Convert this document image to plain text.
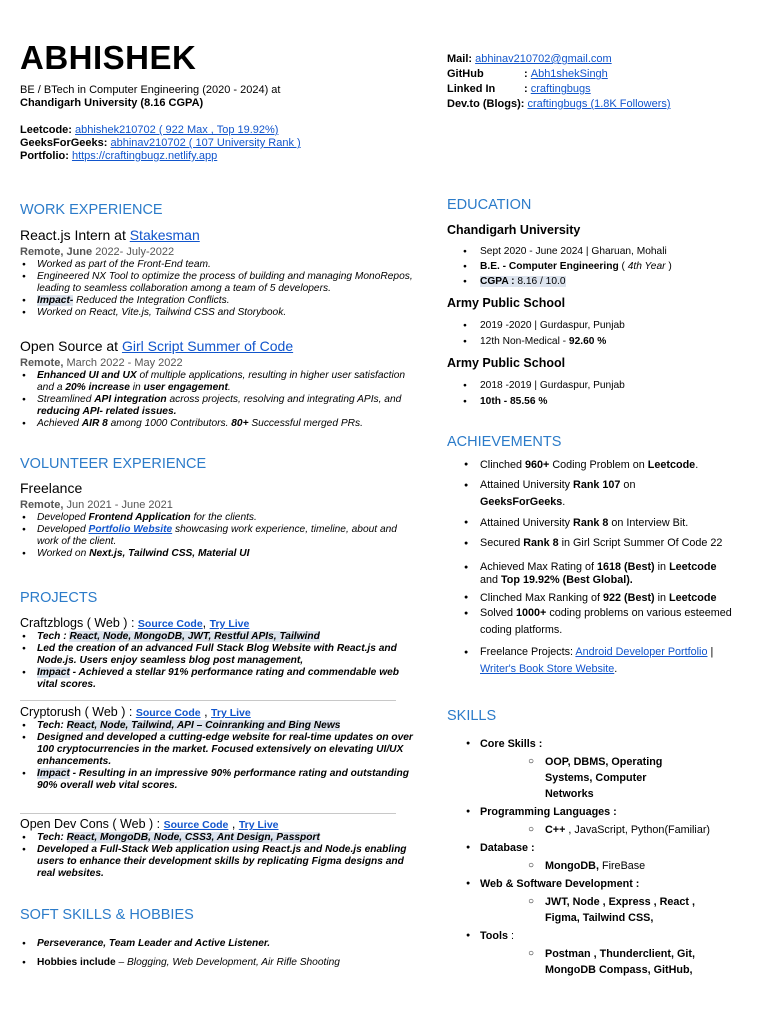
ABHISHEK
BE / BTech in Computer Engineering (2020 - 2024) at
Chandigarh University (8.16 CGPA)
Leetcode: abhishek210702 ( 922 Max , Top 19.92%)
GeeksForGeeks: abhinav210702 ( 107 University Rank )
Portfolio: https://craftingbugz.netlify.app
Mail: abhinav210702@gmail.com
GitHub	: Abh1shekSingh
Linked In	: craftingbugs
Dev.to (Blogs): craftingbugs (1.8K Followers)
WORK EXPERIENCE
React.js Intern at Stakesman
Remote, June 2022- July-2022
● Worked as part of the Front-End team.
● Engineered NX Tool to optimize the process of building and managing MonoRepos, leading to seamless collaboration among a team of 5 developers.
● Impact- Reduced the Integration Conflicts.
● Worked on React, Vite.js, Tailwind CSS and Storybook.
Open Source at Girl Script Summer of Code
Remote, March 2022 - May 2022
● Enhanced UI and UX of multiple applications, resulting in higher user satisfaction and a 20% increase in user engagement.
● Streamlined API integration across projects, resolving and integrating APIs, and reducing API- related issues.
● Achieved AIR 8 among 1000 Contributors. 80+ Successful merged PRs.
VOLUNTEER EXPERIENCE
Freelance
Remote, Jun 2021 - June 2021
● Developed Frontend Application for the clients.
● Developed Portfolio Website showcasing work experience, timeline, about and work of the client.
● Worked on Next.js, Tailwind CSS, Material UI
PROJECTS
Craftzblogs ( Web ) : Source Code, Try Live
● Tech : React, Node, MongoDB, JWT, Restful APIs, Tailwind
● Led the creation of an advanced Full Stack Blog Website with React.js and Node.js. Users enjoy seamless blog post management,
● Impact - Achieved a stellar 91% performance rating and commendable web vital scores.
Cryptorush ( Web ) : Source Code , Try Live
● Tech: React, Node, Tailwind, API – Coinranking and Bing News
● Designed and developed a cutting-edge website for real-time updates on over 100 cryptocurrencies in the market. Focused extensively on elevating UI/UX enhancements.
● Impact - Resulting in an impressive 90% performance rating and outstanding 90% overall web vital scores.
Open Dev Cons ( Web ) : Source Code , Try Live
● Tech: React, MongoDB, Node, CSS3, Ant Design, Passport
● Developed a Full-Stack Web application using React.js and Node.js enabling users to enhance their development skills by replicating Figma designs and real websites.
SOFT SKILLS & HOBBIES
● Perseverance, Team Leader and Active Listener.
● Hobbies include – Blogging, Web Development, Air Rifle Shooting
EDUCATION
Chandigarh University
● Sept 2020 - June 2024 | Gharuan, Mohali
● B.E. - Computer Engineering ( 4th Year )
● CGPA : 8.16 / 10.0
Army Public School
● 2019 -2020 | Gurdaspur, Punjab
● 12th Non-Medical - 92.60 %
Army Public School
● 2018 -2019 | Gurdaspur, Punjab
● 10th - 85.56 %
ACHIEVEMENTS
● Clinched 960+ Coding Problem on Leetcode.
● Attained University Rank 107 on
GeeksForGeeks.
● Attained University Rank 8 on Interview Bit.
● Secured Rank 8 in Girl Script Summer Of Code 22
● Achieved Max Rating of 1618 (Best) in Leetcode
and Top 19.92% (Best Global).
● Clinched Max Ranking of 922 (Best) in Leetcode
● Solved 1000+ coding problems on various esteemed coding platforms.
● Freelance Projects: Android Developer Portfolio | Writer's Book Store Website.
SKILLS
● Core Skills :
○ OOP, DBMS, Operating Systems, Computer Networks
● Programming Languages :
○ C++ , JavaScript, Python(Familiar)
● Database :
○ MongoDB, FireBase
● Web & Software Development :
○ JWT, Node , Express , React , Figma, Tailwind CSS,
● Tools :
○ Postman , Thunderclient, Git, MongoDB Compass, GitHub,
